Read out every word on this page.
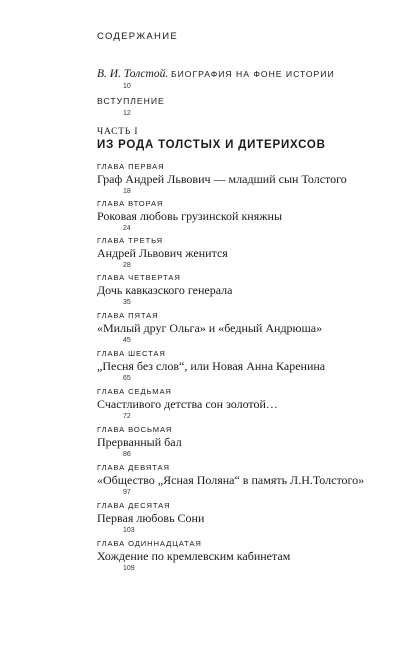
СОДЕРЖАНИЕ
В. И. Толстой. БИОГРАФИЯ НА ФОНЕ ИСТОРИИ
10
ВСТУПЛЕНИЕ
12
ЧАСТЬ I
ИЗ РОДА ТОЛСТЫХ И ДИТЕРИХСОВ
ГЛАВА ПЕРВАЯ
Граф Андрей Львович — младший сын Толстого
18
ГЛАВА ВТОРАЯ
Роковая любовь грузинской княжны
24
ГЛАВА ТРЕТЬЯ
Андрей Львович женится
28
ГЛАВА ЧЕТВЕРТАЯ
Дочь кавказского генерала
35
ГЛАВА ПЯТАЯ
«Милый друг Ольга» и «бедный Андрюша»
45
ГЛАВА ШЕСТАЯ
„Песня без слов“, или Новая Анна Каренина
65
ГЛАВА СЕДЬМАЯ
Счастливого детства сон золотой…
72
ГЛАВА ВОСЬМАЯ
Прерванный бал
86
ГЛАВА ДЕВЯТАЯ
«Общество „Ясная Поляна“ в память Л.Н.Толстого»
97
ГЛАВА ДЕСЯТАЯ
Первая любовь Сони
103
ГЛАВА ОДИННАДЦАТАЯ
Хождение по кремлевским кабинетам
109
